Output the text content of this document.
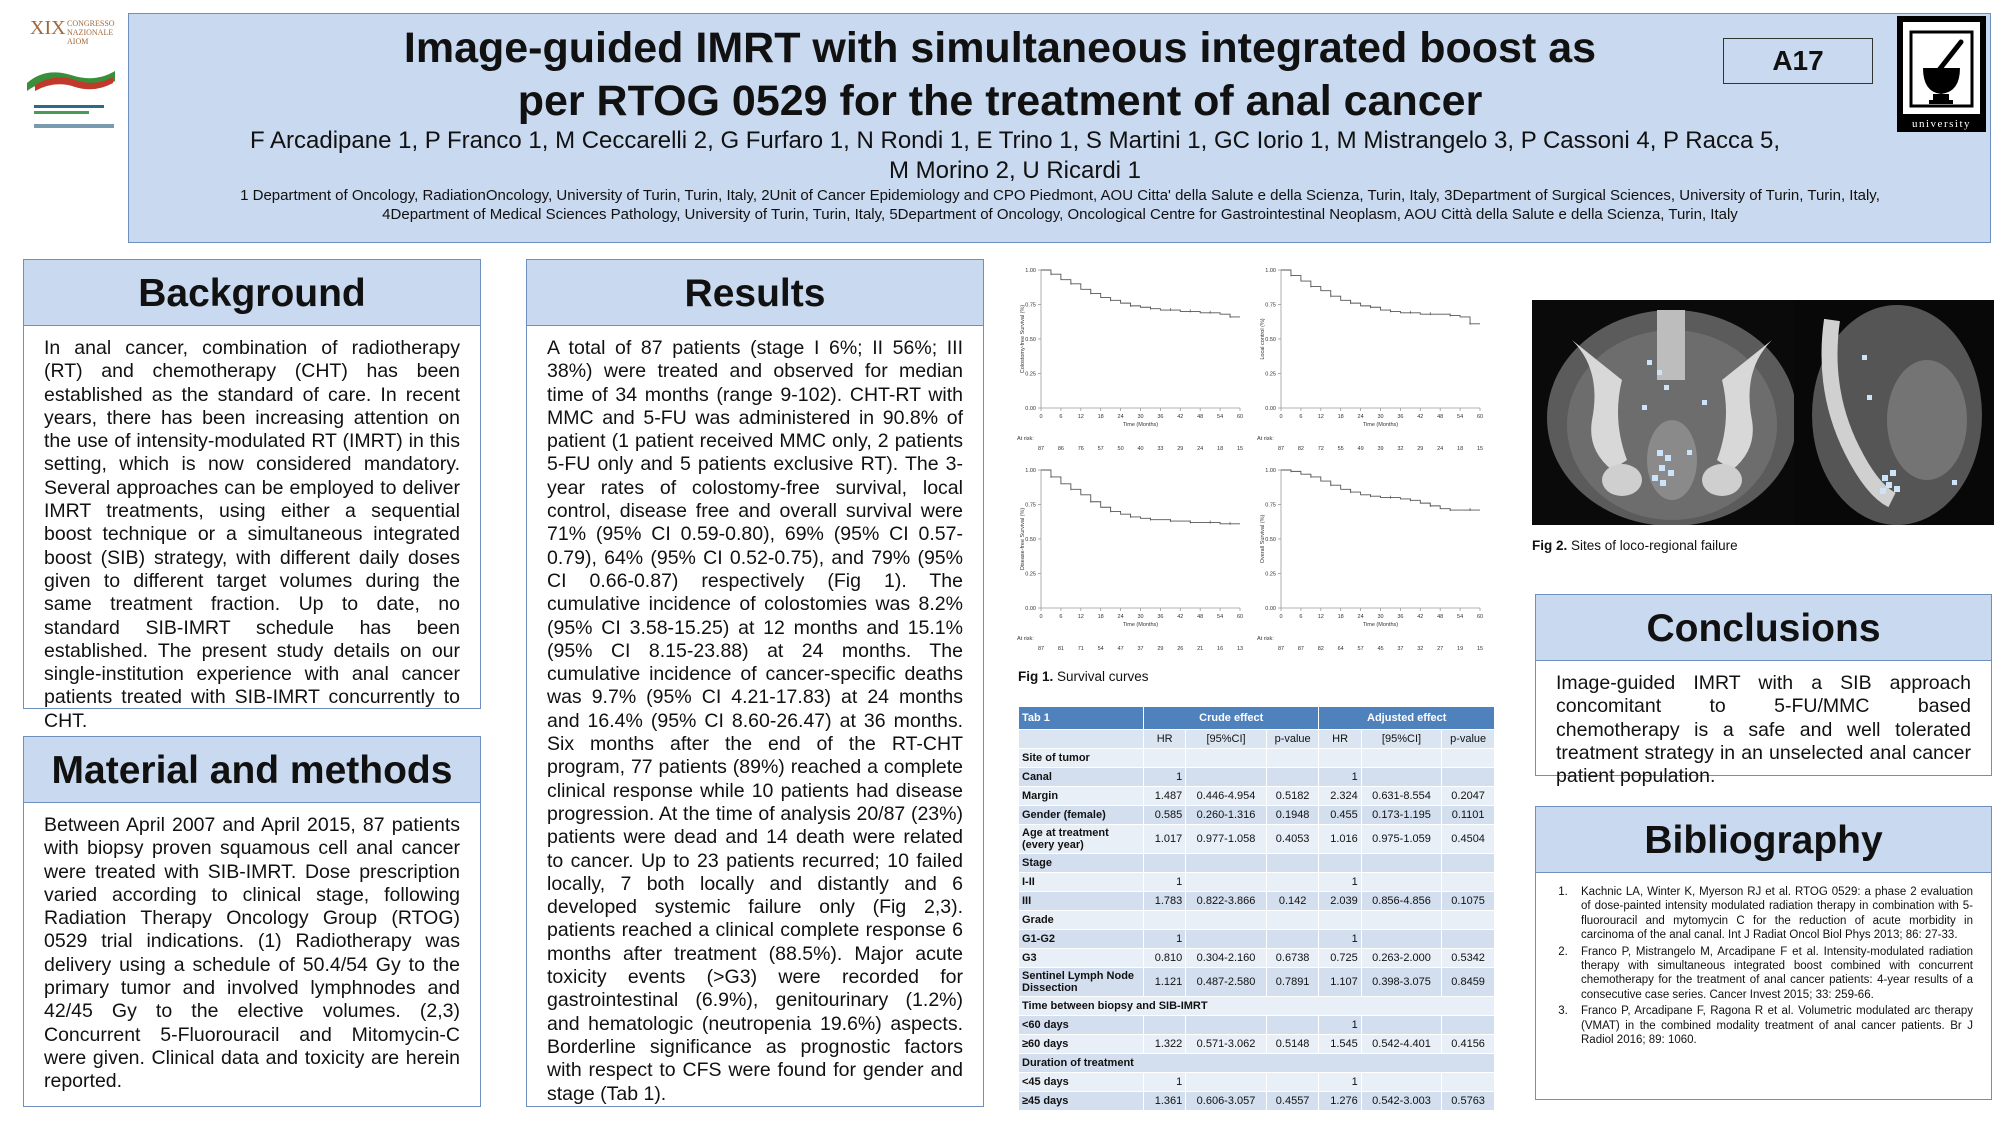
XIX CONGRESSO NAZIONALE AIOM	Image-guided IMRT with simultaneous integrated boost as
per RTOG 0529 for the treatment of anal cancer
F Arcadipane 1, P Franco 1, M Ceccarelli 2, G Furfaro 1, N Rondi 1, E Trino 1, S Martini 1, GC Iorio 1, M Mistrangelo 3, P Cassoni 4, P Racca 5,
M Morino 2, U Ricardi 1
1 Department of Oncology, RadiationOncology, University of Turin, Turin, Italy, 2Unit of Cancer Epidemiology and CPO Piedmont, AOU Citta' della Salute e della Scienza, Turin, Italy, 3Department of Surgical Sciences, University of Turin, Turin, Italy,
4Department of Medical Sciences Pathology, University of Turin, Turin, Italy, 5Department of Oncology, Oncological Centre for Gastrointestinal Neoplasm, AOU Città della Salute e della Scienza, Turin, Italy
A17
university
Background

In anal cancer, combination of radiotherapy (RT) and chemotherapy (CHT) has been established as the standard of care. In recent years, there has been increasing attention on the use of intensity-modulated RT (IMRT) in this setting, which is now considered mandatory. Several approaches can be employed to deliver IMRT treatments, using either a sequential boost technique or a simultaneous integrated boost (SIB) strategy, with different daily doses given to different target volumes during the same treatment fraction. Up to date, no standard SIB-IMRT schedule has been established. The present study details on our single-institution experience with anal cancer patients treated with SIB-IMRT concurrently to CHT.

Material and methods

Between April 2007 and April 2015, 87 patients with biopsy proven squamous cell anal cancer were treated with SIB-IMRT. Dose prescription varied according to clinical stage, following Radiation Therapy Oncology Group (RTOG) 0529 trial indications. (1) Radiotherapy was delivery using a schedule of 50.4/54 Gy to the primary tumor and involved lymphnodes and 42/45 Gy to the elective volumes. (2,3) Concurrent 5-Fluorouracil and Mitomycin-C were given. Clinical data and toxicity are herein reported.

Results

A total of 87 patients (stage I 6%; II 56%; III 38%) were treated and observed for median time of 34 months (range 9-102). CHT-RT with MMC and 5-FU was administered in 90.8% of patient (1 patient received MMC only, 2 patients 5-FU only and 5 patients exclusive RT). The 3-year rates of colostomy-free survival, local control, disease free and overall survival were 71% (95% CI 0.59-0.80), 69% (95% CI 0.57-0.79), 64% (95% CI 0.52-0.75), and 79% (95% CI 0.66-0.87) respectively (Fig 1). The cumulative incidence of colostomies was 8.2% (95% CI 3.58-15.25) at 12 months and 15.1% (95% CI 8.15-23.88) at 24 months. The cumulative incidence of cancer-specific deaths was 9.7% (95% CI 4.21-17.83) at 24 months and 16.4% (95% CI 8.60-26.47) at 36 months. Six months after the end of the RT-CHT program, 77 patients (89%) reached a complete clinical response while 10 patients had disease progression. At the time of analysis 20/87 (23%) patients were dead and 14 death were related to cancer. Up to 23 patients recurred; 10 failed locally, 7 both locally and distantly and 6 developed systemic failure only (Fig 2,3). patients reached a clinical complete response 6 months after treatment (88.5%). Major acute toxicity events (>G3) were recorded for gastrointestinal (6.9%), genitourinary (1.2%) and hematologic (neutropenia 19.6%) aspects. Borderline significance as prognostic factors with respect to CFS were found for gender and stage (Tab 1).

0.00
0.25
0.50
0.75
1.00
0	6	12	18	24	30	36	42	48	54	60
Time (Months)
Colostomy-free Survival (%)
At risk:
87	86	76	57	50	40	33	29	24	18	15
0.00
0.25
0.50
0.75
1.00
0	6	12	18	24	30	36	42	48	54	60
Time (Months)
Local control (%)
At risk:
87	82	72	55	49	39	32	29	24	18	15
0.00
0.25
0.50
0.75
1.00
0	6	12	18	24	30	36	42	48	54	60
Time (Months)
Disease-free Survival (%)
At risk:
87	81	71	54	47	37	29	26	21	16	13
0.00
0.25
0.50
0.75
1.00
0	6	12	18	24	30	36	42	48	54	60
Time (Months)
Overall Survival (%)
At risk:
87	87	82	64	57	45	37	32	27	19	15
Fig 1. Survival curves
Tab 1	Crude effect			Adjusted effect		
	HR	[95%CI]	p-value	HR	[95%CI]	p-value
Site of tumor						
Canal	1			1		
Margin	1.487	0.446-4.954	0.5182	2.324	0.631-8.554	0.2047
Gender (female)	0.585	0.260-1.316	0.1948	0.455	0.173-1.195	0.1101
Age at treatment (every year)	1.017	0.977-1.058	0.4053	1.016	0.975-1.059	0.4504
Stage						
I-II	1			1		
III	1.783	0.822-3.866	0.142	2.039	0.856-4.856	0.1075
Grade						
G1-G2	1			1		
G3	0.810	0.304-2.160	0.6738	0.725	0.263-2.000	0.5342
Sentinel Lymph Node Dissection	1.121	0.487-2.580	0.7891	1.107	0.398-3.075	0.8459
Time between biopsy and SIB-IMRT						
<60 days				1		
≥60 days	1.322	0.571-3.062	0.5148	1.545	0.542-4.401	0.4156
Duration of treatment						
<45 days	1			1		
≥45 days	1.361	0.606-3.057	0.4557	1.276	0.542-3.003	0.5763
Fig 2. Sites of loco-regional failure
Conclusions

Image-guided IMRT with a SIB approach concomitant to 5-FU/MMC based chemotherapy is a safe and well tolerated treatment strategy in an unselected anal cancer patient population.

Bibliography
1. Kachnic LA, Winter K, Myerson RJ et al. RTOG 0529: a phase 2 evaluation of dose-painted intensity modulated radiation therapy in combination with 5-fluorouracil and mytomycin C for the reduction of acute morbidity in carcinoma of the anal canal. Int J Radiat Oncol Biol Phys 2013; 86: 27-33.
2. Franco P, Mistrangelo M, Arcadipane F et al. Intensity-modulated radiation therapy with simultaneous integrated boost combined with concurrent chemotherapy for the treatment of anal cancer patients: 4-year results of a consecutive case series. Cancer Invest 2015; 33: 259-66.
3. Franco P, Arcadipane F, Ragona R et al. Volumetric modulated arc therapy (VMAT) in the combined modality treatment of anal cancer patients. Br J Radiol 2016; 89: 1060.
